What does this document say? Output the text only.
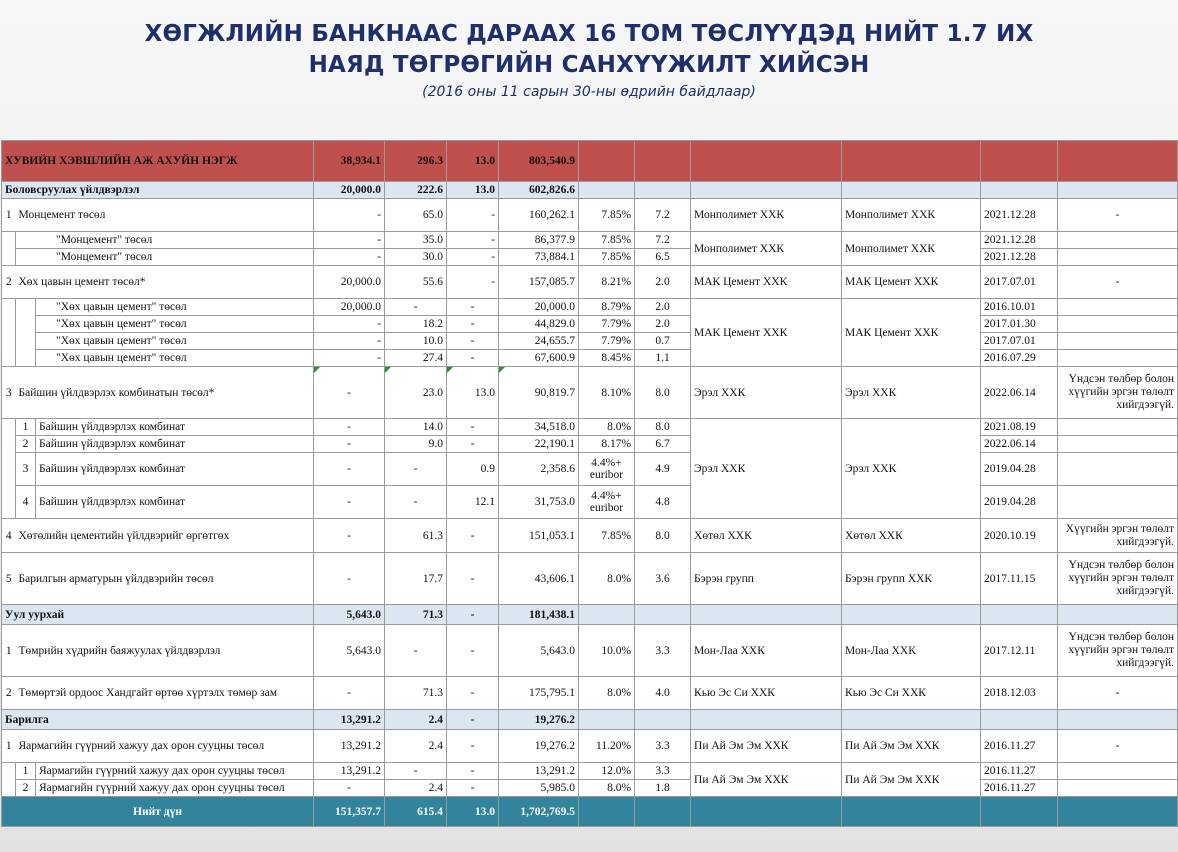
ХӨГЖЛИЙН БАНКНААС ДАРААХ 16 ТОМ ТӨСЛҮҮДЭД НИЙТ 1.7 ИХ
НАЯД ТӨГРӨГИЙН САНХҮҮЖИЛТ ХИЙСЭН
(2016 оны 11 сарын 30-ны өдрийн байдлаар)
ХУВИЙН ХЭВШЛИЙН АЖ АХУЙН НЭГЖ			38,934.1	296.3	13.0	803,540.9						
Боловсруулах үйлдвэрлэл			20,000.0	222.6	13.0	602,826.6						
1	Монцемент төсөл		-	65.0	-	160,262.1	7.85%	7.2	Монполимет ХХК	Монполимет ХХК	2021.12.28	-
	"Монцемент" төсөл		-	35.0	-	86,377.9	7.85%	7.2	Монполимет ХХК	Монполимет ХХК	2021.12.28	
	"Монцемент" төсөл		-	30.0	-	73,884.1	7.85%	6.5			2021.12.28	
2	Хөх цавын цемент төсөл*		20,000.0	55.6	-	157,085.7	8.21%	2.0	МАК Цемент ХХК	МАК Цемент ХХК	2017.07.01	-
		"Хөх цавын цемент" төсөл	20,000.0	-	-	20,000.0	8.79%	2.0	МАК Цемент ХХК	МАК Цемент ХХК	2016.10.01	
		"Хөх цавын цемент" төсөл	-	18.2	-	44,829.0	7.79%	2.0			2017.01.30	
		"Хөх цавын цемент" төсөл	-	10.0	-	24,655.7	7.79%	0.7			2017.07.01	
		"Хөх цавын цемент" төсөл	-	27.4	-	67,600.9	8.45%	1.1			2016.07.29	
3	Байшин үйлдвэрлэх комбинатын төсөл*		-	23.0	13.0	90,819.7	8.10%	8.0	Эрэл ХХК	Эрэл ХХК	2022.06.14	Үндсэн төлбөр болон хүүгийн эргэн төлөлт хийгдээгүй.
	1	Байшин үйлдвэрлэх комбинат	-	14.0	-	34,518.0	8.0%	8.0	Эрэл ХХК	Эрэл ХХК	2021.08.19	
	2	Байшин үйлдвэрлэх комбинат	-	9.0	-	22,190.1	8.17%	6.7			2022.06.14	
	3	Байшин үйлдвэрлэх комбинат	-	-	0.9	2,358.6	4.4%+ euribor	4.9			2019.04.28	
	4	Байшин үйлдвэрлэх комбинат	-	-	12.1	31,753.0	4.4%+ euribor	4.8			2019.04.28	
4	Хөтөлийн цементийн үйлдвэрийг өргөтгөх		-	61.3	-	151,053.1	7.85%	8.0	Хөтөл ХХК	Хөтөл ХХК	2020.10.19	Хүүгийн эргэн төлөлт хийгдээгүй.
5	Барилгын арматурын үйлдвэрийн төсөл		-	17.7	-	43,606.1	8.0%	3.6	Бэрэн групп	Бэрэн групп ХХК	2017.11.15	Үндсэн төлбөр болон хүүгийн эргэн төлөлт хийгдээгүй.
Уул уурхай			5,643.0	71.3	-	181,438.1						
1	Төмрийн хүдрийн баяжуулах үйлдвэрлэл		5,643.0	-	-	5,643.0	10.0%	3.3	Мон-Лаа ХХК	Мон-Лаа ХХК	2017.12.11	Үндсэн төлбөр болон хүүгийн эргэн төлөлт хийгдээгүй.
2	Төмөртэй ордоос Хандгайт өртөө хүртэлх төмөр зам		-	71.3	-	175,795.1	8.0%	4.0	Кью Эс Си ХХК	Кью Эс Си ХХК	2018.12.03	-
Барилга			13,291.2	2.4	-	19,276.2						
1	Яармагийн гүүрний хажуу дах орон сууцны төсөл		13,291.2	2.4	-	19,276.2	11.20%	3.3	Пи Ай Эм Эм ХХК	Пи Ай Эм Эм ХХК	2016.11.27	-
	1	Яармагийн гүүрний хажуу дах орон сууцны төсөл	13,291.2	-	-	13,291.2	12.0%	3.3	Пи Ай Эм Эм ХХК	Пи Ай Эм Эм ХХК	2016.11.27	
	2	Яармагийн гүүрний хажуу дах орон сууцны төсөл	-	2.4	-	5,985.0	8.0%	1.8			2016.11.27	
Нийт дүн			151,357.7	615.4	13.0	1,702,769.5						
